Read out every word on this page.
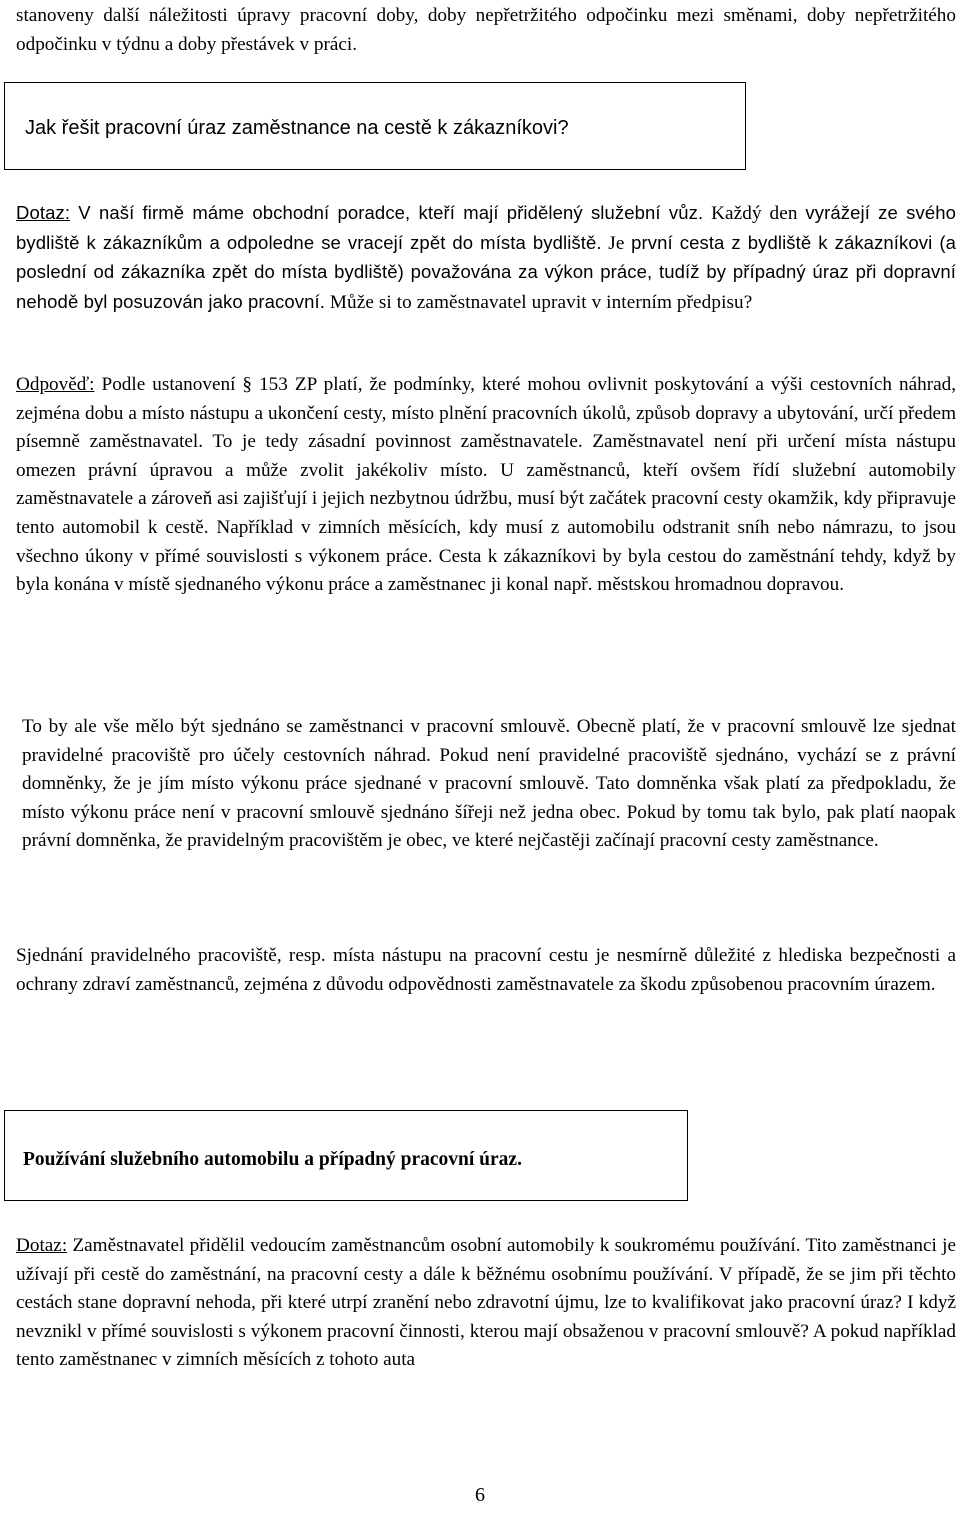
stanoveny další náležitosti úpravy pracovní doby, doby nepřetržitého odpočinku mezi směnami, doby nepřetržitého odpočinku v týdnu a doby přestávek v práci.

Jak řešit pracovní úraz zaměstnance na cestě k zákazníkovi?

Dotaz: V naší firmě máme obchodní poradce, kteří mají přidělený služební vůz. Každý den vyrážejí ze svého bydliště k zákazníkům a odpoledne se vracejí zpět do místa bydliště. Je první cesta z bydliště k zákazníkovi (a poslední od zákazníka zpět do místa bydliště) považována za výkon práce, tudíž by případný úraz při dopravní nehodě byl posuzován jako pracovní. Může si to zaměstnavatel upravit v interním předpisu?

Odpověď: Podle ustanovení § 153 ZP platí, že podmínky, které mohou ovlivnit poskytování a výši cestovních náhrad, zejména dobu a místo nástupu a ukončení cesty, místo plnění pracovních úkolů, způsob dopravy a ubytování, určí předem písemně zaměstnavatel. To je tedy zásadní povinnost zaměstnavatele. Zaměstnavatel není při určení místa nástupu omezen právní úpravou a může zvolit jakékoliv místo. U zaměstnanců, kteří ovšem řídí služební automobily zaměstnavatele a zároveň asi zajišťují i jejich nezbytnou údržbu, musí být začátek pracovní cesty okamžik, kdy připravuje tento automobil k cestě. Například v zimních měsících, kdy musí z automobilu odstranit sníh nebo námrazu, to jsou všechno úkony v přímé souvislosti s výkonem práce. Cesta k zákazníkovi by byla cestou do zaměstnání tehdy, když by byla konána v místě sjednaného výkonu práce a zaměstnanec ji konal např. městskou hromadnou dopravou.

To by ale vše mělo být sjednáno se zaměstnanci v pracovní smlouvě. Obecně platí, že v pracovní smlouvě lze sjednat pravidelné pracoviště pro účely cestovních náhrad. Pokud není pravidelné pracoviště sjednáno, vychází se z právní domněnky, že je jím místo výkonu práce sjednané v pracovní smlouvě. Tato domněnka však platí za předpokladu, že místo výkonu práce není v pracovní smlouvě sjednáno šířeji než jedna obec. Pokud by tomu tak bylo, pak platí naopak právní domněnka, že pravidelným pracovištěm je obec, ve které nejčastěji začínají pracovní cesty zaměstnance.

Sjednání pravidelného pracoviště, resp. místa nástupu na pracovní cestu je nesmírně důležité z hlediska bezpečnosti a ochrany zdraví zaměstnanců, zejména z důvodu odpovědnosti zaměstnavatele za škodu způsobenou pracovním úrazem.

Používání služebního automobilu a případný pracovní úraz.

Dotaz: Zaměstnavatel přidělil vedoucím zaměstnancům osobní automobily k soukromému používání. Tito zaměstnanci je užívají při cestě do zaměstnání, na pracovní cesty a dále k běžnému osobnímu používání. V případě, že se jim při těchto cestách stane dopravní nehoda, při které utrpí zranění nebo zdravotní újmu, lze to kvalifikovat jako pracovní úraz? I když nevznikl v přímé souvislosti s výkonem pracovní činnosti, kterou mají obsaženou v pracovní smlouvě? A pokud například tento zaměstnanec v zimních měsících z tohoto auta

6
